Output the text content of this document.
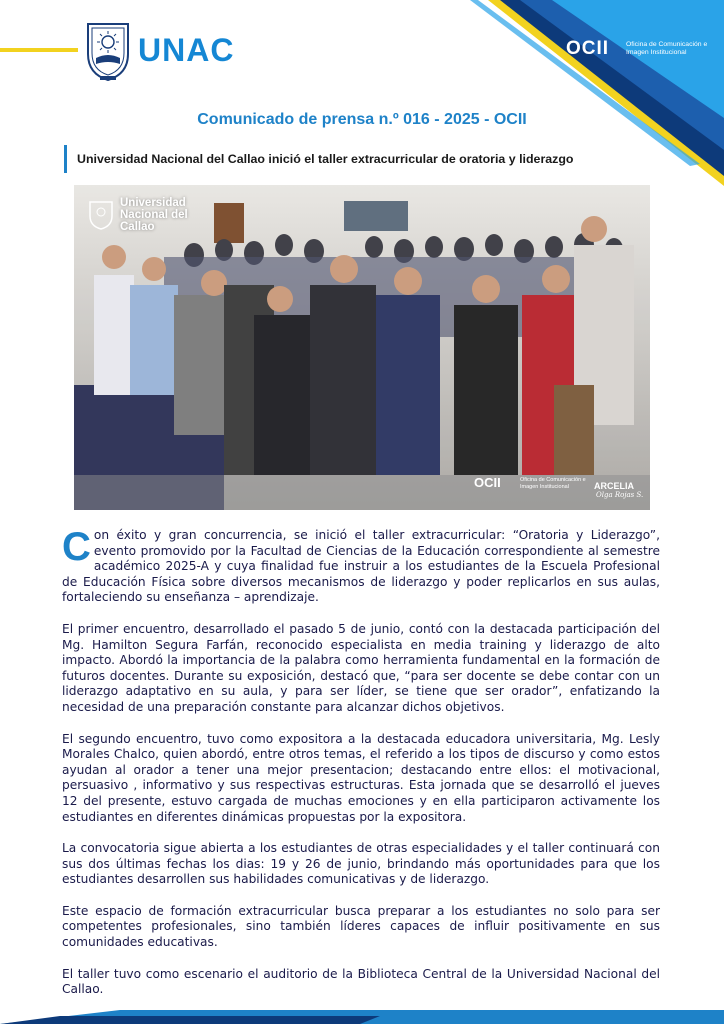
UNAC	OCII Oficina de Comunicación e Imagen Institucional
Comunicado de prensa n.º 016 - 2025 - OCII
Universidad Nacional del Callao inició el taller extracurricular de oratoria y liderazgo
Universidad Nacional del Callao
OCII	Oficina de Comunicación e Imagen Institucional	ARCELIA
Olga Rojas S.

Con éxito y gran concurrencia, se inició el taller extracurricular: “Oratoria y Liderazgo”, evento promovido por la Facultad de Ciencias de la Educación correspondiente al semestre académico 2025-A y cuya finalidad fue instruir a los estudiantes de la Escuela Profesional de Educación Física sobre diversos mecanismos de liderazgo y poder replicarlos en sus aulas, fortaleciendo su enseñanza – aprendizaje.

El primer encuentro, desarrollado el pasado 5 de junio, contó con la destacada participación del Mg. Hamilton Segura Farfán, reconocido especialista en media training y liderazgo de alto impacto. Abordó la importancia de la palabra como herramienta fundamental en la formación de futuros docentes. Durante su exposición, destacó que, “para ser docente se debe contar con un liderazgo adaptativo en su aula, y para ser líder, se tiene que ser orador”, enfatizando la necesidad de una preparación constante para alcanzar dichos objetivos.

El segundo encuentro, tuvo como expositora a la destacada educadora universitaria, Mg. Lesly Morales Chalco, quien abordó, entre otros temas, el referido a los tipos de discurso y como estos ayudan al orador a tener una mejor presentacion; destacando entre ellos: el motivacional, persuasivo , informativo y sus respectivas estructuras. Esta jornada que se desarrolló el jueves 12 del presente, estuvo cargada de muchas emociones y en ella participaron activamente los estudiantes en diferentes dinámicas propuestas por la expositora.

La convocatoria sigue abierta a los estudiantes de otras especialidades y el taller continuará con sus dos últimas fechas los dias: 19 y 26 de junio, brindando más oportunidades para que los estudiantes desarrollen sus habilidades comunicativas y de liderazgo.

Este espacio de formación extracurricular busca preparar a los estudiantes no solo para ser competentes profesionales, sino también líderes capaces de influir positivamente en sus comunidades educativas.

El taller tuvo como escenario el auditorio de la Biblioteca Central de la Universidad Nacional del Callao.
